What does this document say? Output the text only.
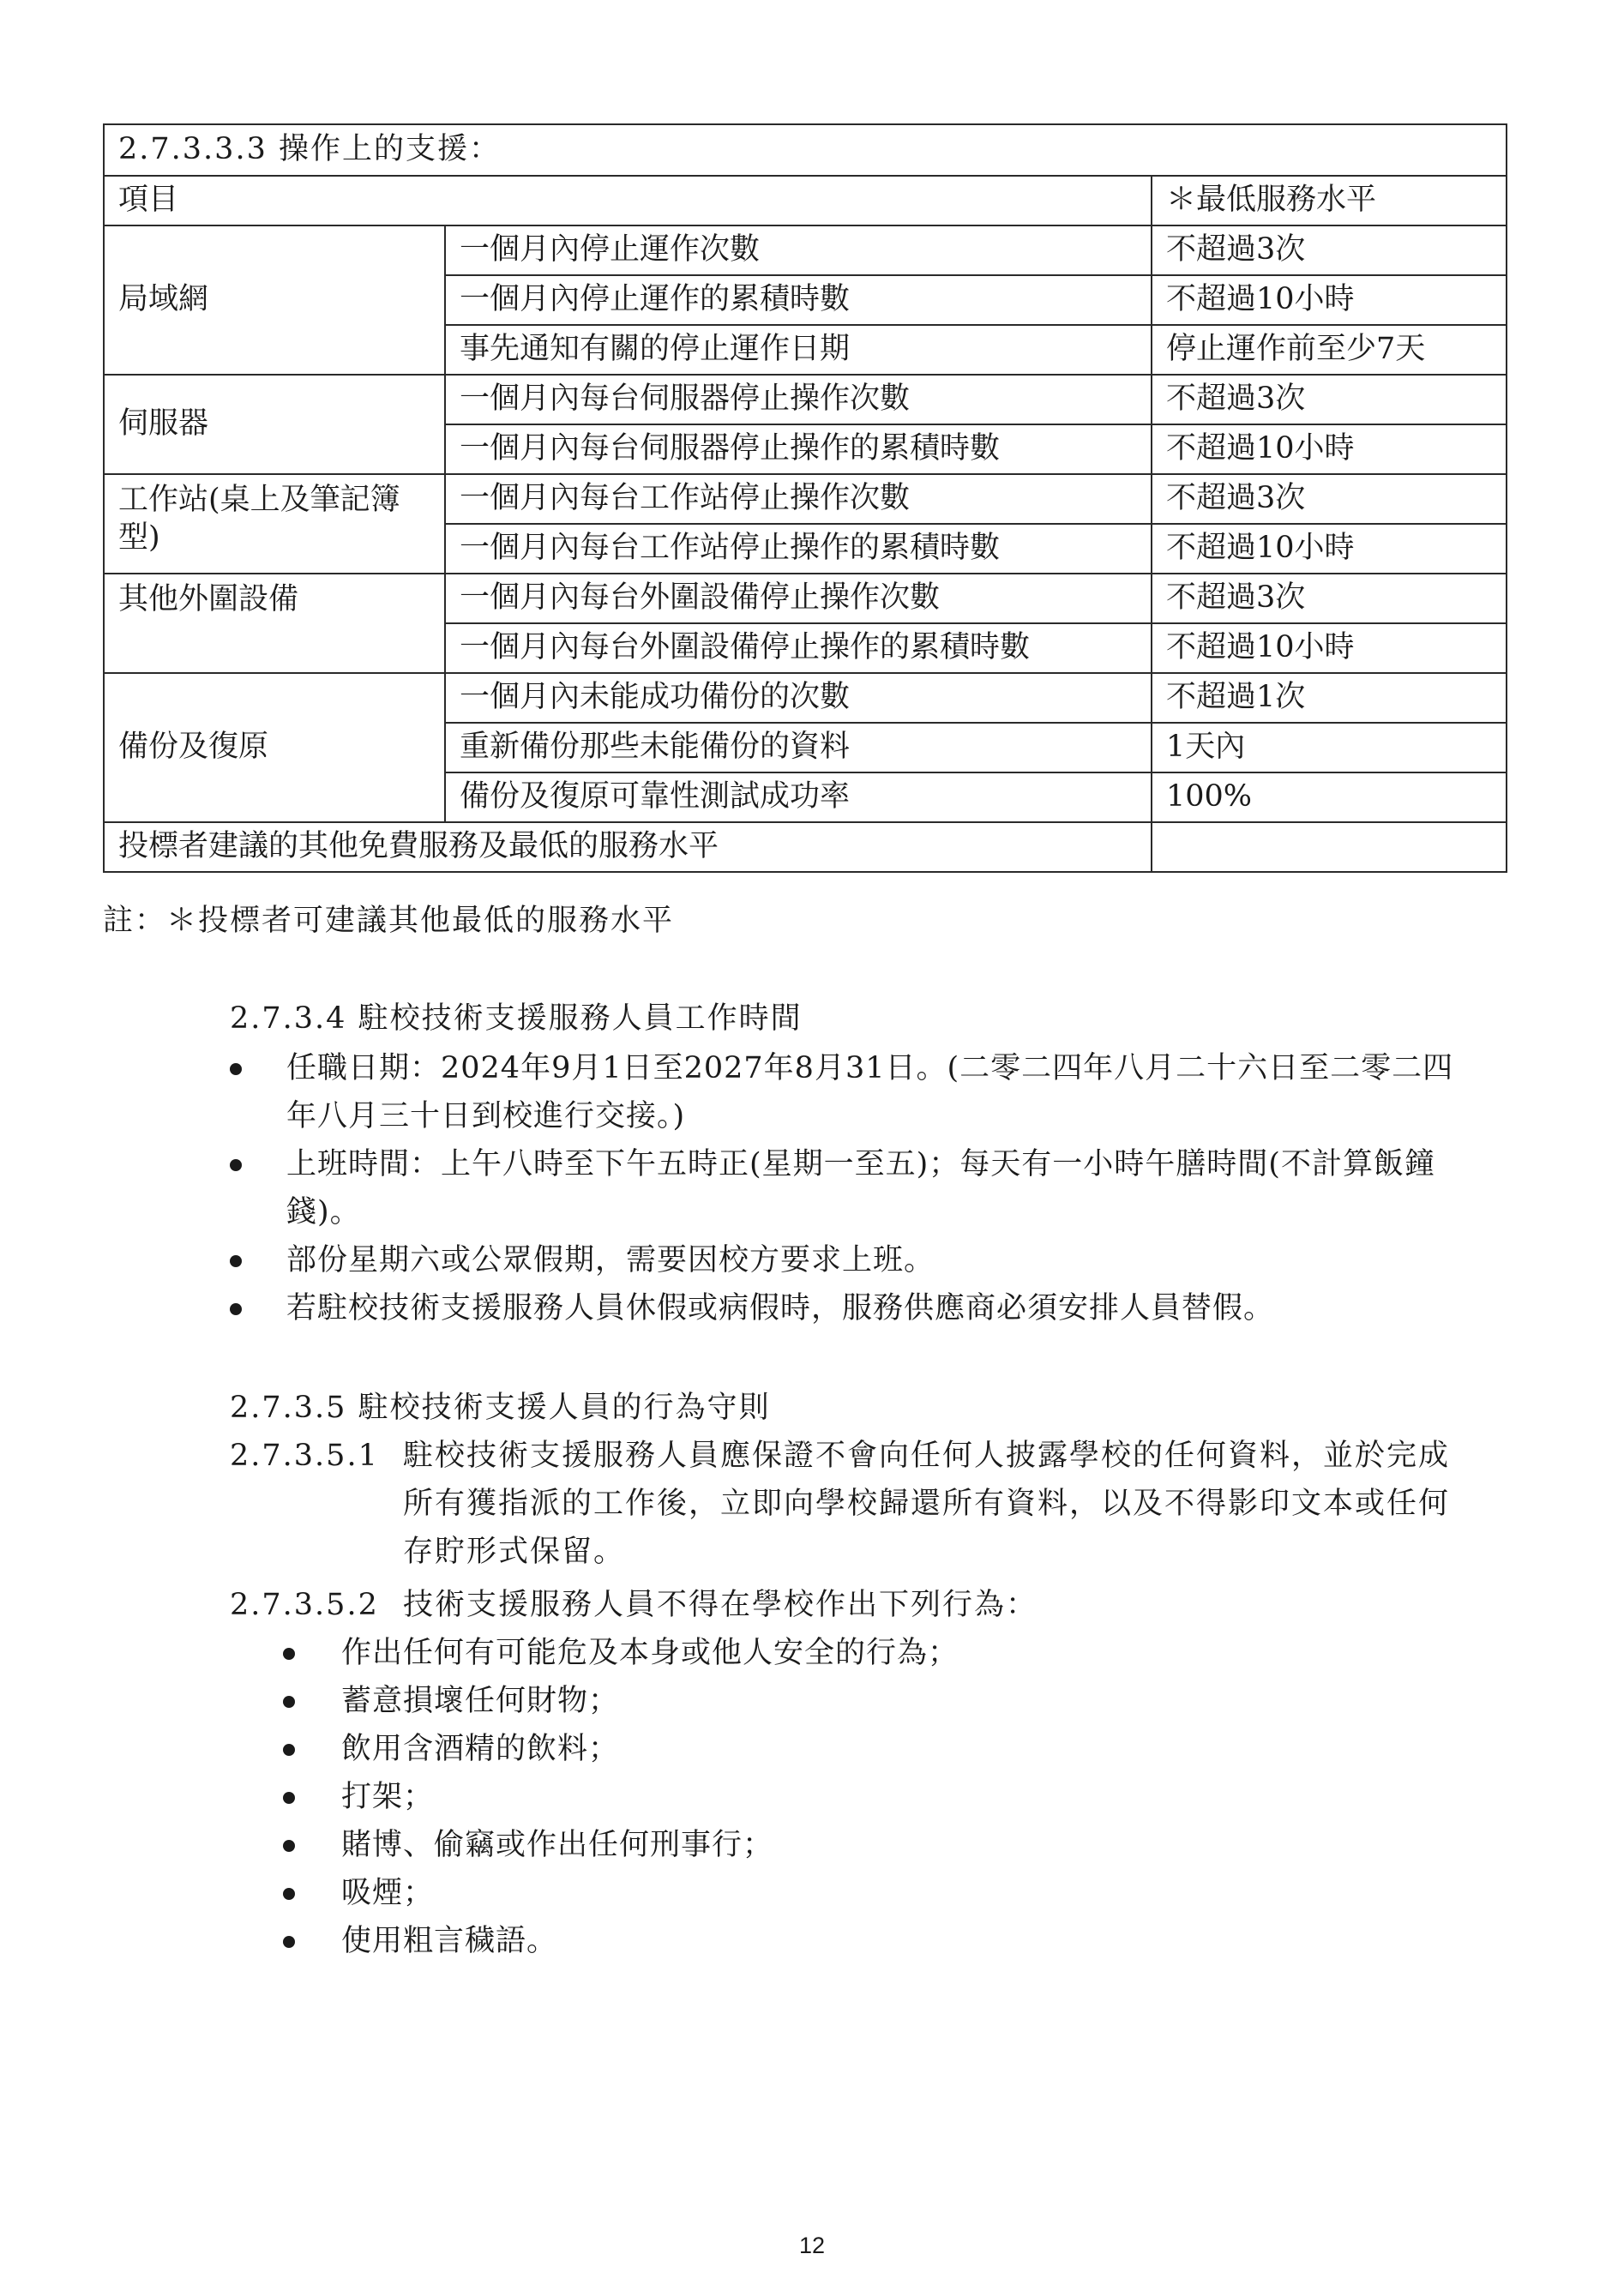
2.7.3.3.3 操作上的支援：		
項目		＊最低服務水平
局域網	一個月內停止運作次數	不超過3次
	一個月內停止運作的累積時數	不超過10小時
	事先通知有關的停止運作日期	停止運作前至少7天
伺服器	一個月內每台伺服器停止操作次數	不超過3次
	一個月內每台伺服器停止操作的累積時數	不超過10小時
工作站(桌上及筆記簿型)	一個月內每台工作站停止操作次數	不超過3次
	一個月內每台工作站停止操作的累積時數	不超過10小時
其他外圍設備	一個月內每台外圍設備停止操作次數	不超過3次
	一個月內每台外圍設備停止操作的累積時數	不超過10小時
備份及復原	一個月內未能成功備份的次數	不超過1次
	重新備份那些未能備份的資料	1天內
	備份及復原可靠性測試成功率	100%
投標者建議的其他免費服務及最低的服務水平		
註：＊投標者可建議其他最低的服務水平
2.7.3.4 駐校技術支援服務人員工作時間
任職日期：2024年9月1日至2027年8月31日。(二零二四年八月二十六日至二零二四年八月三十日到校進行交接。)
上班時間：上午八時至下午五時正(星期一至五)；每天有一小時午膳時間(不計算飯鐘錢)。
部份星期六或公眾假期，需要因校方要求上班。
若駐校技術支援服務人員休假或病假時，服務供應商必須安排人員替假。
2.7.3.5 駐校技術支援人員的行為守則
2.7.3.5.1 駐校技術支援服務人員應保證不會向任何人披露學校的任何資料，並於完成所有獲指派的工作後，立即向學校歸還所有資料，以及不得影印文本或任何存貯形式保留。
2.7.3.5.2 技術支援服務人員不得在學校作出下列行為：
作出任何有可能危及本身或他人安全的行為；
蓄意損壞任何財物；
飲用含酒精的飲料；
打架；
賭博、偷竊或作出任何刑事行；
吸煙；
使用粗言穢語。
12
